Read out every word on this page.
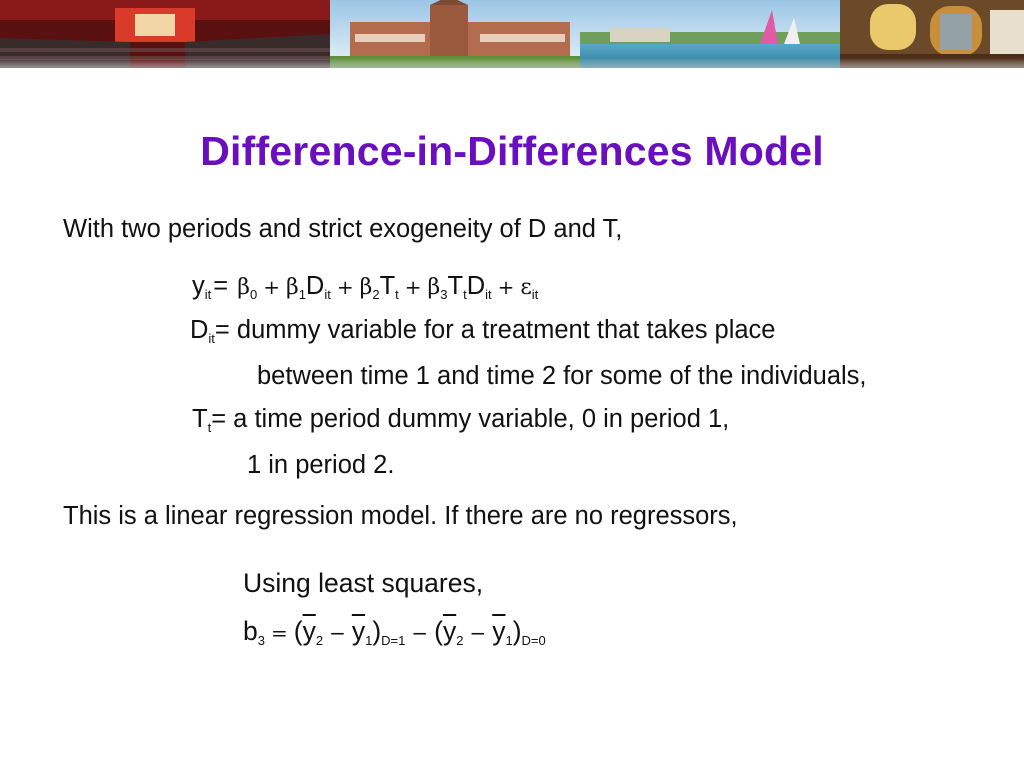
Difference-in-Differences Model
With two periods and strict exogeneity of D and T,
$y_{it}= \beta_0 + \beta_1D_{it} + \beta_2T_t + \beta_3T_tD_{it} + \varepsilon_{it}$
$D_{it}=$ dummy variable for a treatment that takes place
between time 1 and time 2 for some of the individuals,
$T_t= a$ time period dummy variable, 0 in period 1,
1 in period 2.
This is a linear regression model. If there are no regressors,
Using least squares,
$b_3 = (\overline{y}_2 - \overline{y}_1)_{D=1} - (\overline{y}_2 - \overline{y}_1)_{D=0}$
